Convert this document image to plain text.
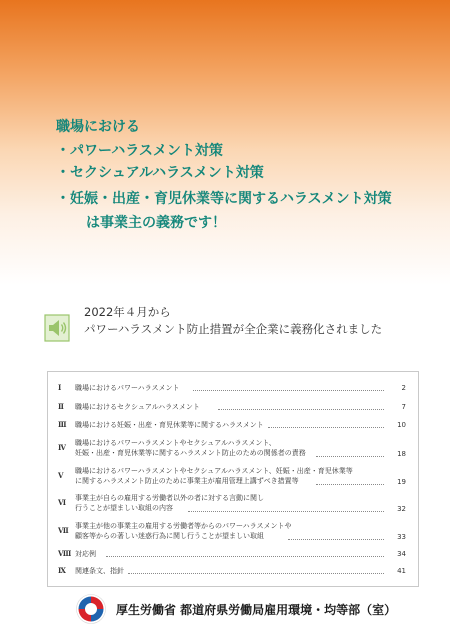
職場における
・パワーハラスメント対策
・セクシュアルハラスメント対策
・妊娠・出産・育児休業等に関するハラスメント対策
は事業主の義務です！
2022年４月から
パワーハラスメント防止措置が全企業に義務化されました
Ⅰ 職場におけるパワーハラスメント	2
Ⅱ 職場におけるセクシュアルハラスメント	7
Ⅲ 職場における妊娠・出産・育児休業等に関するハラスメント	10
Ⅳ 職場におけるパワーハラスメントやセクシュアルハラスメント、
妊娠・出産・育児休業等に関するハラスメント防止のための関係者の責務	18
Ⅴ 職場におけるパワーハラスメントやセクシュアルハラスメント、妊娠・出産・育児休業等
に関するハラスメント防止のために事業主が雇用管理上講ずべき措置等	19
Ⅵ 事業主が自らの雇用する労働者以外の者に対する言動に関し
行うことが望ましい取組の内容	32
Ⅶ 事業主が他の事業主の雇用する労働者等からのパワーハラスメントや
顧客等からの著しい迷惑行為に関し行うことが望ましい取組	33
Ⅷ 対応例	34
Ⅸ 関連条文、指針	41
厚生労働省 都道府県労働局雇用環境・均等部（室）
